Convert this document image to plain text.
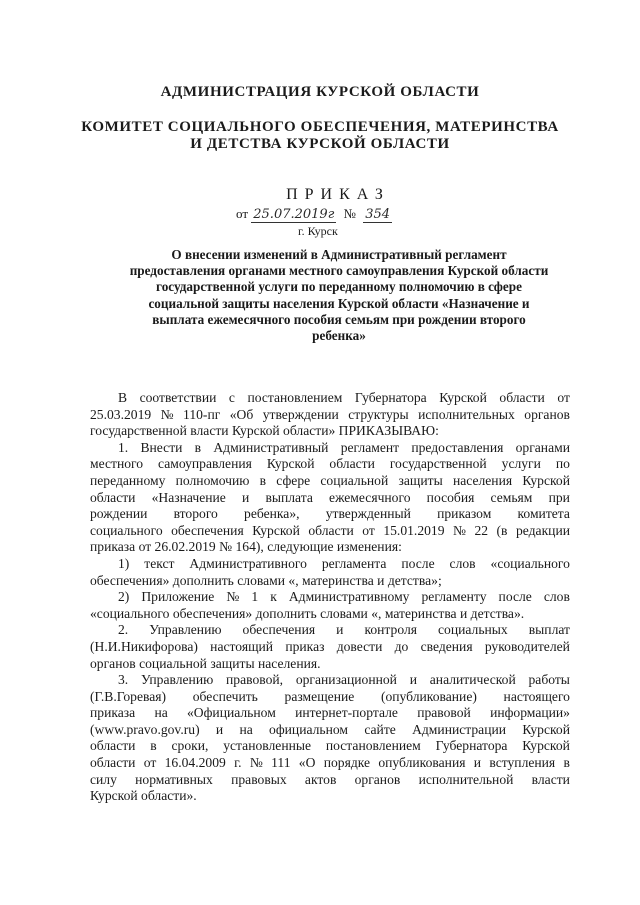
АДМИНИСТРАЦИЯ КУРСКОЙ ОБЛАСТИ
КОМИТЕТ СОЦИАЛЬНОГО ОБЕСПЕЧЕНИЯ, МАТЕРИНСТВА
И ДЕТСТВА КУРСКОЙ ОБЛАСТИ
ПРИКАЗ
от 25.07.2019г № 354
г. Курск
О внесении изменений в Административный регламент
предоставления органами местного самоуправления Курской области
государственной услуги по переданному полномочию в сфере
социальной защиты населения Курской области «Назначение и
выплата ежемесячного пособия семьям при рождении второго
ребенка»
В соответствии с постановлением Губернатора Курской области от
25.03.2019 № 110-пг «Об утверждении структуры исполнительных органов
государственной власти Курской области» ПРИКАЗЫВАЮ:
1. Внести в Административный регламент предоставления органами
местного самоуправления Курской области государственной услуги по
переданному полномочию в сфере социальной защиты населения Курской
области «Назначение и выплата ежемесячного пособия семьям при
рождении второго ребенка», утвержденный приказом комитета
социального обеспечения Курской области от 15.01.2019 № 22 (в редакции
приказа от 26.02.2019 № 164), следующие изменения:
1) текст Административного регламента после слов «социального
обеспечения» дополнить словами «, материнства и детства»;
2) Приложение № 1 к Административному регламенту после слов
«социального обеспечения» дополнить словами «, материнства и детства».
2. Управлению обеспечения и контроля социальных выплат
(Н.И.Никифорова) настоящий приказ довести до сведения руководителей
органов социальной защиты населения.
3. Управлению правовой, организационной и аналитической работы
(Г.В.Горевая) обеспечить размещение (опубликование) настоящего
приказа на «Официальном интернет-портале правовой информации»
(www.pravo.gov.ru) и на официальном сайте Администрации Курской
области в сроки, установленные постановлением Губернатора Курской
области от 16.04.2009 г. № 111 «О порядке опубликования и вступления в
силу нормативных правовых актов органов исполнительной власти
Курской области».
